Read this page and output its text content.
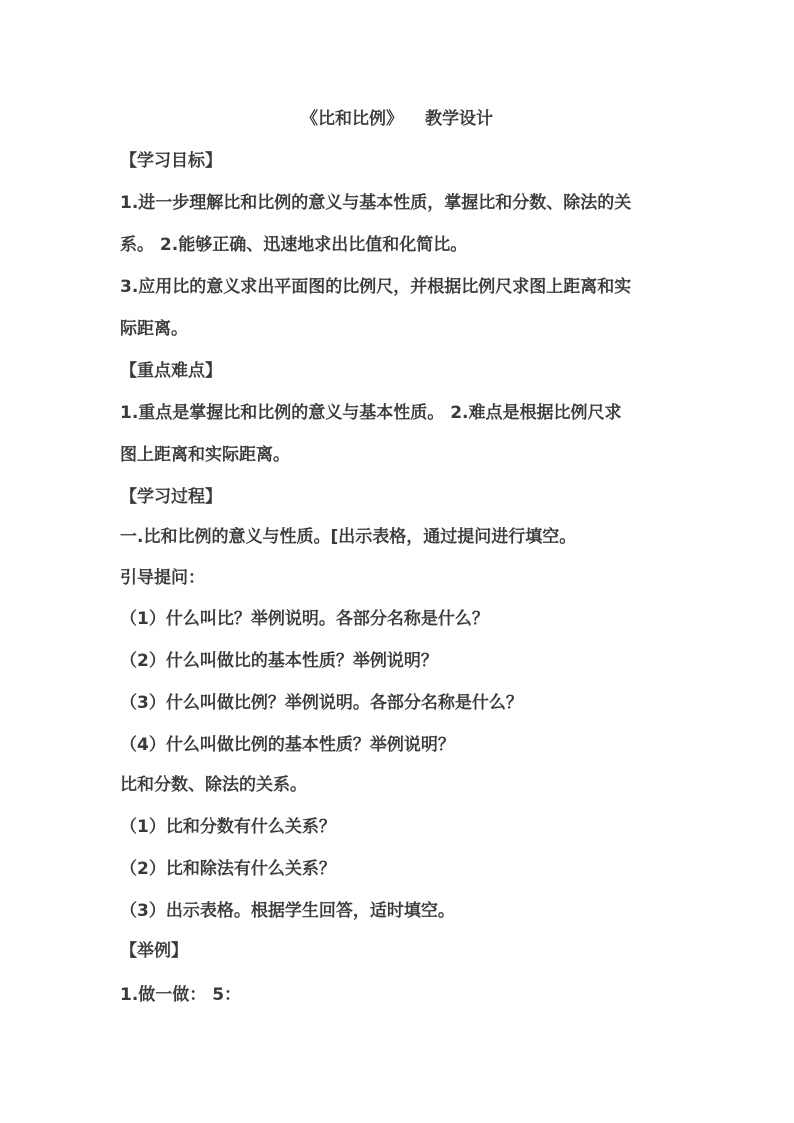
《比和比例》 教学设计
【学习目标】
1.进一步理解比和比例的意义与基本性质，掌握比和分数、除法的关
系。 2.能够正确、迅速地求出比值和化简比。
3.应用比的意义求出平面图的比例尺，并根据比例尺求图上距离和实
际距离。
【重点难点】
1.重点是掌握比和比例的意义与基本性质。 2.难点是根据比例尺求
图上距离和实际距离。
【学习过程】
一.比和比例的意义与性质。[出示表格，通过提问进行填空。
引导提问：
（1）什么叫比？举例说明。各部分名称是什么？
（2）什么叫做比的基本性质？举例说明？
（3）什么叫做比例？举例说明。各部分名称是什么？
（4）什么叫做比例的基本性质？举例说明？
比和分数、除法的关系。
（1）比和分数有什么关系？
（2）比和除法有什么关系？
（3）出示表格。根据学生回答，适时填空。
【举例】
1.做一做： 5：
